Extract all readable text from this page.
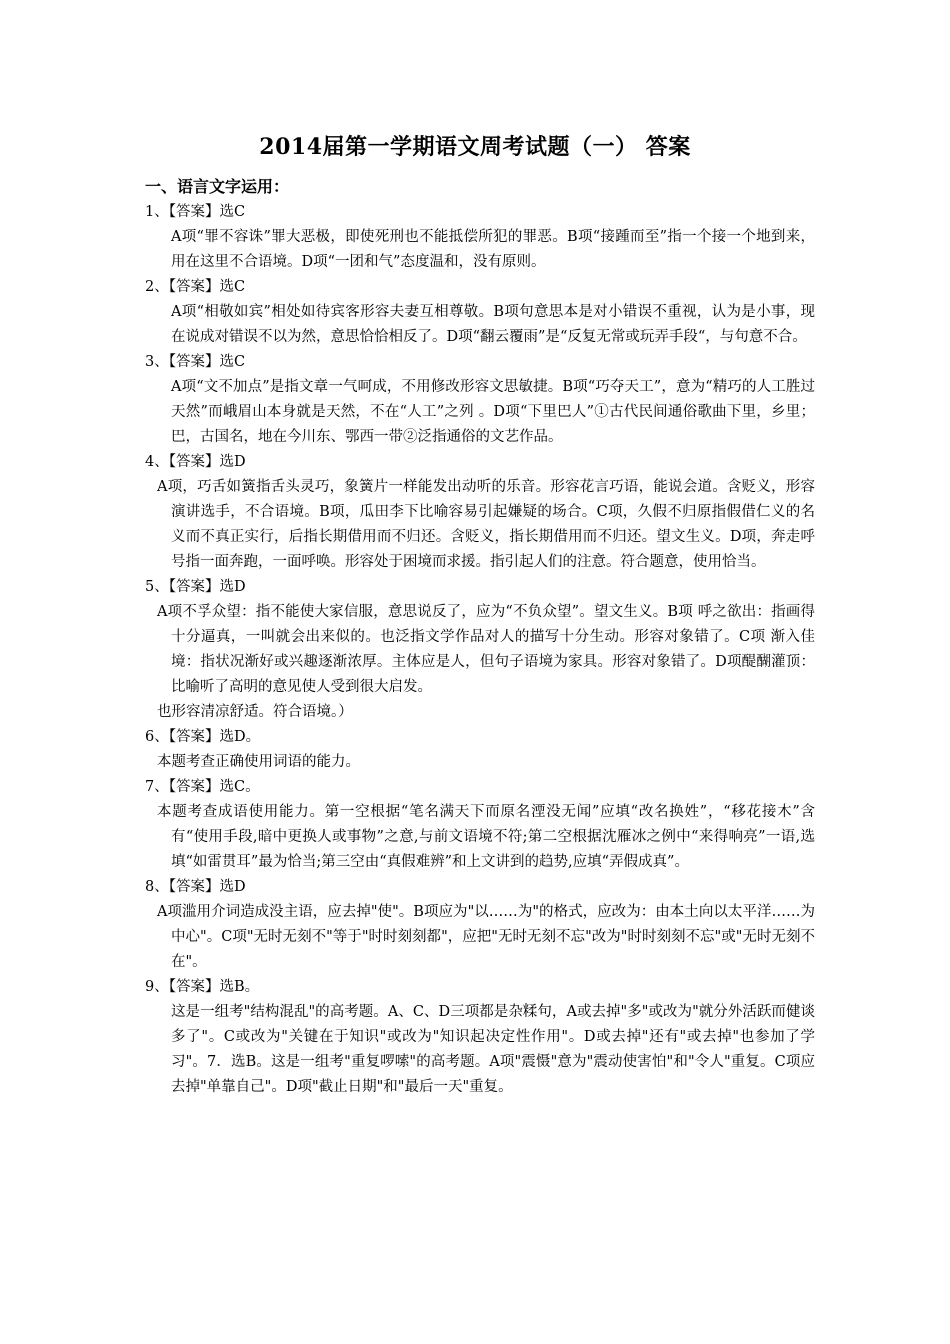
2014届第一学期语文周考试题（一） 答案
一、语言文字运用：
1、【答案】选C
A项“罪不容诛”罪大恶极，即使死刑也不能抵偿所犯的罪恶。B项“接踵而至”指一个接一个地到来，用在这里不合语境。D项“一团和气”态度温和，没有原则。
2、【答案】选C
A项“相敬如宾”相处如待宾客形容夫妻互相尊敬。B项句意思本是对小错误不重视，认为是小事，现在说成对错误不以为然，意思恰恰相反了。D项“翻云覆雨”是“反复无常或玩弄手段“，与句意不合。
3、【答案】选C
A项“文不加点”是指文章一气呵成，不用修改形容文思敏捷。B项“巧夺天工”，意为“精巧的人工胜过天然”而峨眉山本身就是天然，不在“人工”之列 。D项“下里巴人”①古代民间通俗歌曲下里，乡里；巴，古国名，地在今川东、鄂西一带②泛指通俗的文艺作品。
4、【答案】选D
A项，巧舌如簧指舌头灵巧，象簧片一样能发出动听的乐音。形容花言巧语，能说会道。含贬义，形容演讲选手，不合语境。B项，瓜田李下比喻容易引起嫌疑的场合。C项，久假不归原指假借仁义的名义而不真正实行，后指长期借用而不归还。含贬义，指长期借用而不归还。望文生义。D项，奔走呼号指一面奔跑，一面呼唤。形容处于困境而求援。指引起人们的注意。符合题意，使用恰当。
5、【答案】选D
A项不孚众望：指不能使大家信服，意思说反了，应为“不负众望”。望文生义。B项 呼之欲出：指画得十分逼真，一叫就会出来似的。也泛指文学作品对人的描写十分生动。形容对象错了。C项 渐入佳境：指状况渐好或兴趣逐渐浓厚。主体应是人，但句子语境为家具。形容对象错了。D项醍醐灌顶：比喻听了高明的意见使人受到很大启发。
也形容清凉舒适。符合语境。）
6、【答案】选D。
本题考查正确使用词语的能力。
7、【答案】选C。
本题考查成语使用能力。第一空根据“笔名满天下而原名湮没无闻”应填“改名换姓”，“移花接木”含有“使用手段,暗中更换人或事物”之意,与前文语境不符;第二空根据沈雁冰之例中“来得响亮”一语,选填“如雷贯耳”最为恰当;第三空由“真假难辨”和上文讲到的趋势,应填“弄假成真”。
8、【答案】选D
A项滥用介词造成没主语，应去掉"使"。B项应为"以……为"的格式，应改为：由本土向以太平洋……为中心"。C项"无时无刻不"等于"时时刻刻都"，应把"无时无刻不忘"改为"时时刻刻不忘"或"无时无刻不在"。
9、【答案】选B。
这是一组考"结构混乱"的高考题。A、C、D三项都是杂糅句，A或去掉"多"或改为"就分外活跃而健谈多了"。C或改为"关键在于知识"或改为"知识起决定性作用"。D或去掉"还有"或去掉"也参加了学习"。7．选B。这是一组考"重复啰嗦"的高考题。A项"震慑"意为"震动使害怕"和"令人"重复。C项应去掉"单靠自己"。D项"截止日期"和"最后一天"重复。
